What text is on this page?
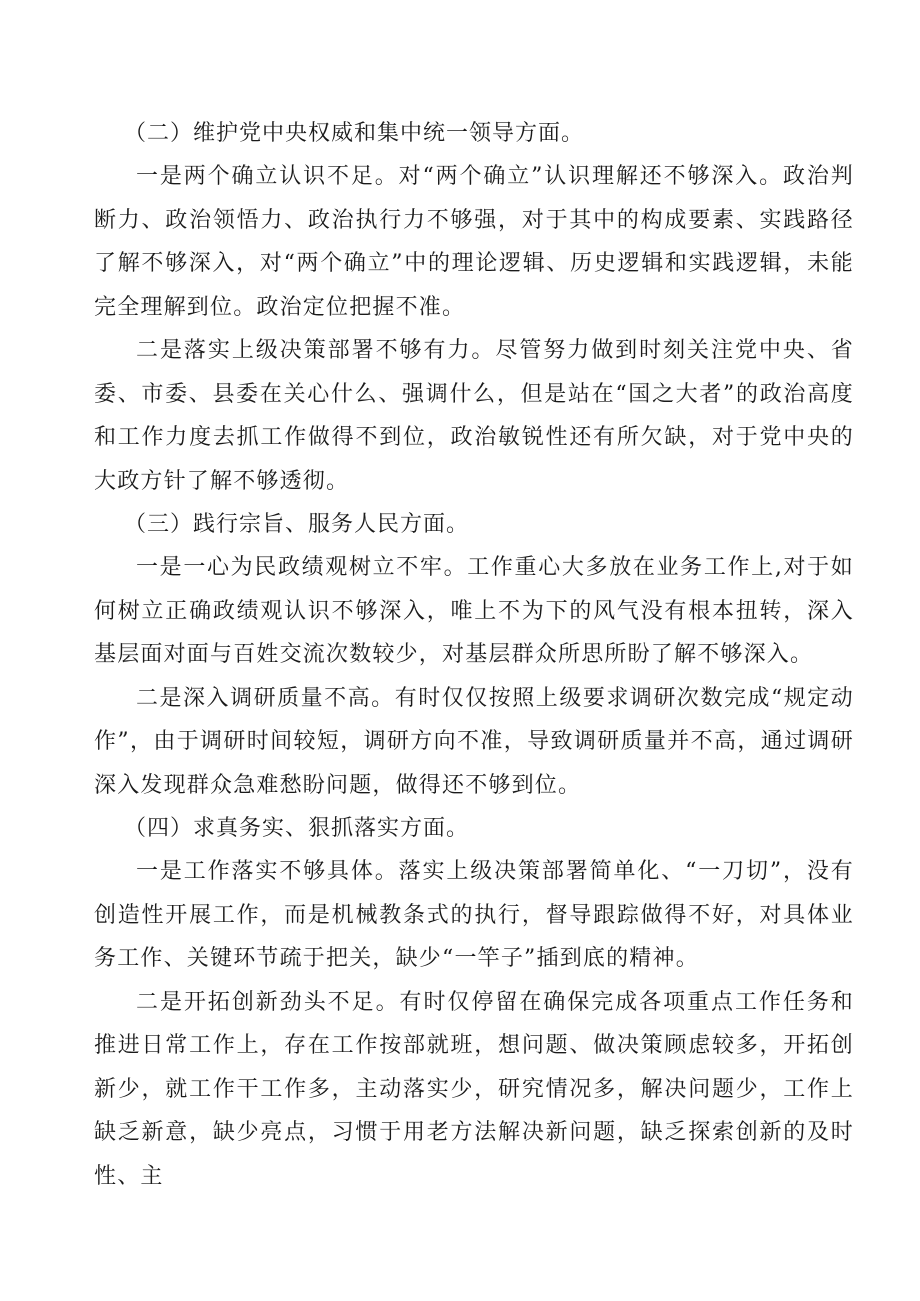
（二）维护党中央权威和集中统一领导方面。

一是两个确立认识不足。对“两个确立”认识理解还不够深入。政治判断力、政治领悟力、政治执行力不够强，对于其中的构成要素、实践路径了解不够深入，对“两个确立”中的理论逻辑、历史逻辑和实践逻辑，未能完全理解到位。政治定位把握不准。

二是落实上级决策部署不够有力。尽管努力做到时刻关注党中央、省委、市委、县委在关心什么、强调什么，但是站在“国之大者”的政治高度和工作力度去抓工作做得不到位，政治敏锐性还有所欠缺，对于党中央的大政方针了解不够透彻。

（三）践行宗旨、服务人民方面。

一是一心为民政绩观树立不牢。工作重心大多放在业务工作上,对于如何树立正确政绩观认识不够深入，唯上不为下的风气没有根本扭转，深入基层面对面与百姓交流次数较少，对基层群众所思所盼了解不够深入。

二是深入调研质量不高。有时仅仅按照上级要求调研次数完成“规定动作”，由于调研时间较短，调研方向不准，导致调研质量并不高，通过调研深入发现群众急难愁盼问题，做得还不够到位。

（四）求真务实、狠抓落实方面。

一是工作落实不够具体。落实上级决策部署简单化、“一刀切”，没有创造性开展工作，而是机械教条式的执行，督导跟踪做得不好，对具体业务工作、关键环节疏于把关，缺少“一竿子”插到底的精神。

二是开拓创新劲头不足。有时仅停留在确保完成各项重点工作任务和推进日常工作上，存在工作按部就班，想问题、做决策顾虑较多，开拓创新少，就工作干工作多，主动落实少，研究情况多，解决问题少，工作上缺乏新意，缺少亮点，习惯于用老方法解决新问题，缺乏探索创新的及时性、主
